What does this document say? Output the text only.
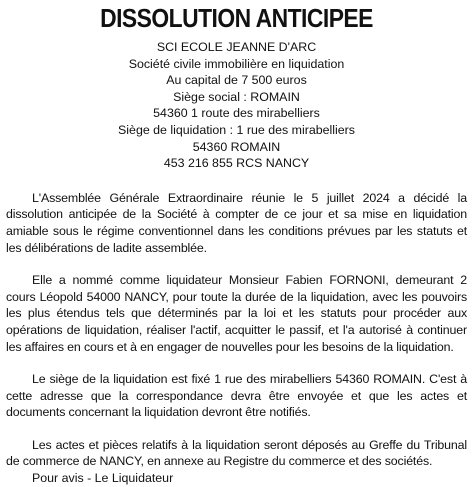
DISSOLUTION ANTICIPEE
SCI ECOLE JEANNE D'ARC
Société civile immobilière en liquidation
Au capital de 7 500 euros
Siège social : ROMAIN
54360 1 route des mirabelliers
Siège de liquidation : 1 rue des mirabelliers
54360 ROMAIN
453 216 855 RCS NANCY

L'Assemblée Générale Extraordinaire réunie le 5 juillet 2024 a décidé la dissolution anticipée de la Société à compter de ce jour et sa mise en liquidation amiable sous le régime conventionnel dans les conditions prévues par les statuts et les délibérations de ladite assemblée.

Elle a nommé comme liquidateur Monsieur Fabien FORNONI, demeurant 2 cours Léopold 54000 NANCY, pour toute la durée de la liquidation, avec les pouvoirs les plus étendus tels que déterminés par la loi et les statuts pour procéder aux opérations de liquidation, réaliser l'actif, acquitter le passif, et l'a autorisé à continuer les affaires en cours et à en engager de nouvelles pour les besoins de la liquidation.

Le siège de la liquidation est fixé 1 rue des mirabelliers 54360 ROMAIN. C'est à cette adresse que la correspondance devra être envoyée et que les actes et documents concernant la liquidation devront être notifiés.

Les actes et pièces relatifs à la liquidation seront déposés au Greffe du Tribunal de commerce de NANCY, en annexe au Registre du commerce et des sociétés.

Pour avis - Le Liquidateur
